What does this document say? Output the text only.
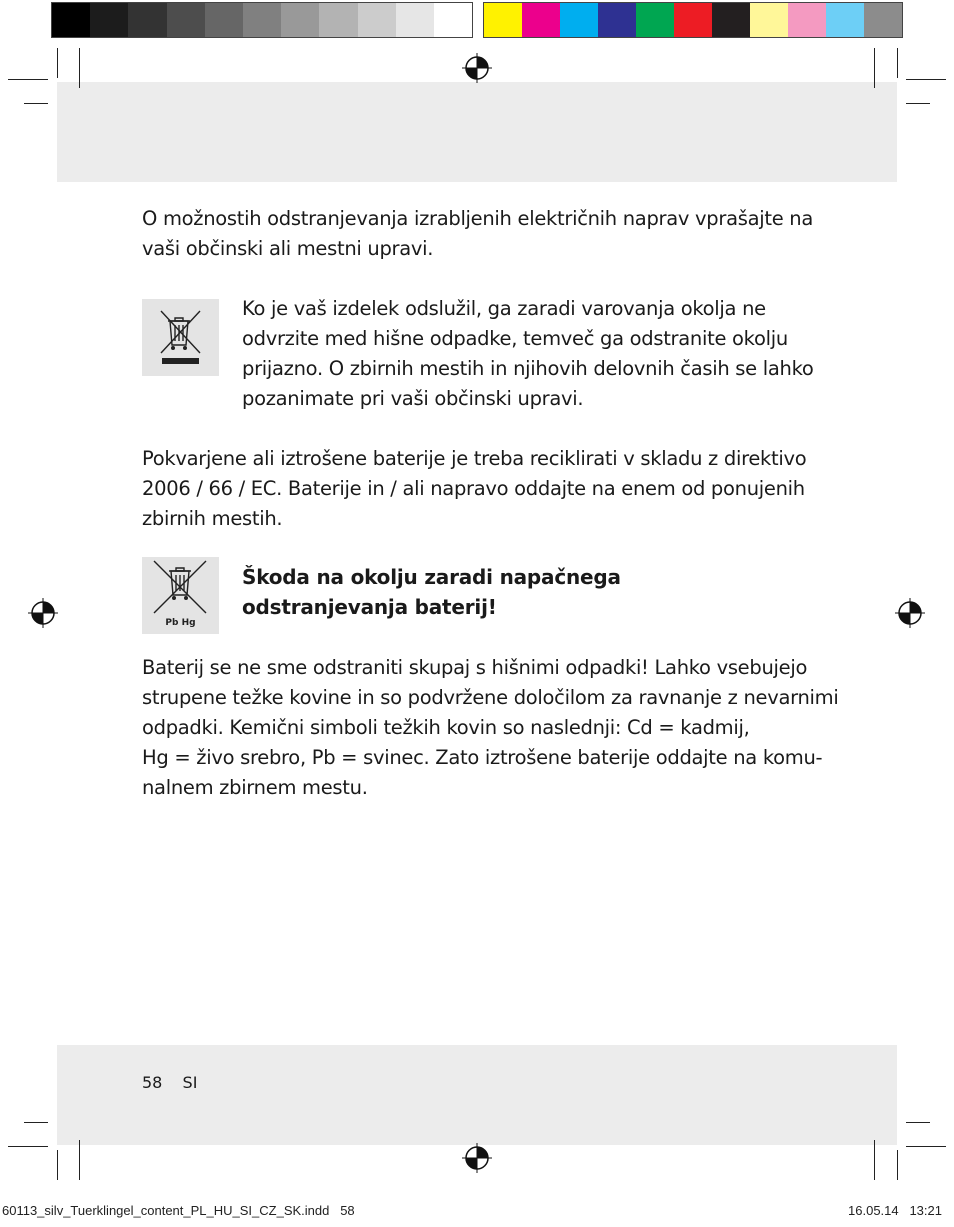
O možnostih odstranjevanja izrabljenih električnih naprav vprašajte na
vaši občinski ali mestni upravi.
Ko je vaš izdelek odslužil, ga zaradi varovanja okolja ne
odvrzite med hišne odpadke, temveč ga odstranite okolju
prijazno. O zbirnih mestih in njihovih delovnih časih se lahko
pozanimate pri vaši občinski upravi.
Pokvarjene ali iztrošene baterije je treba reciklirati v skladu z direktivo
2006 / 66 / EC. Baterije in / ali napravo oddajte na enem od ponujenih
zbirnih mestih.
Pb Hg
Škoda na okolju zaradi napačnega
odstranjevanja baterij!
Baterij se ne sme odstraniti skupaj s hišnimi odpadki! Lahko vsebujejo
strupene težke kovine in so podvržene določilom za ravnanje z nevarnimi
odpadki. Kemični simboli težkih kovin so naslednji: Cd = kadmij,
Hg = živo srebro, Pb = svinec. Zato iztrošene baterije oddajte na komu-
nalnem zbirnem mestu.
58 SI
60113_silv_Tuerklingel_content_PL_HU_SI_CZ_SK.indd   58	16.05.14   13:21
